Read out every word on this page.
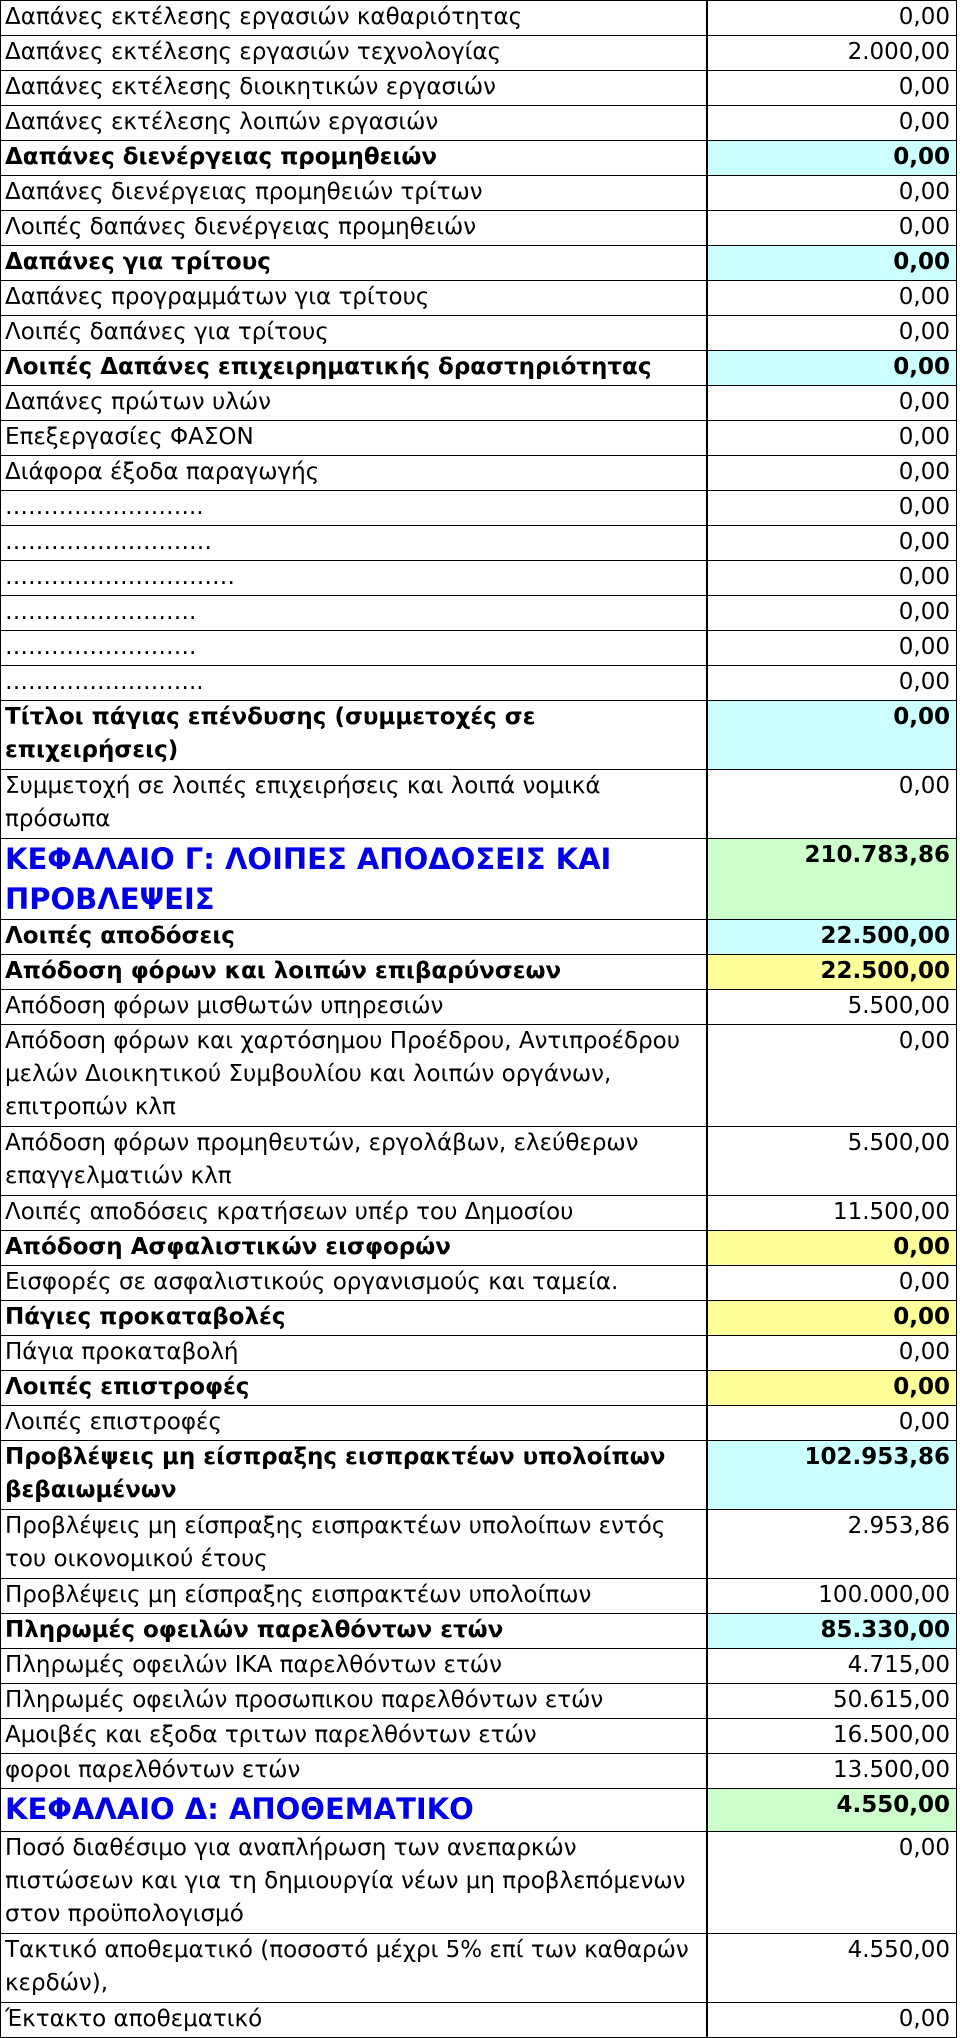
Δαπάνες εκτέλεσης εργασιών καθαριότητας	0,00
Δαπάνες εκτέλεσης εργασιών τεχνολογίας	2.000,00
Δαπάνες εκτέλεσης διοικητικών εργασιών	0,00
Δαπάνες εκτέλεσης λοιπών εργασιών	0,00
Δαπάνες διενέργειας προμηθειών	0,00
Δαπάνες διενέργειας προμηθειών τρίτων	0,00
Λοιπές δαπάνες διενέργειας προμηθειών	0,00
Δαπάνες για τρίτους	0,00
Δαπάνες προγραμμάτων για τρίτους	0,00
Λοιπές δαπάνες για τρίτους	0,00
Λοιπές Δαπάνες επιχειρηματικής δραστηριότητας	0,00
Δαπάνες πρώτων υλών	0,00
Επεξεργασίες ΦΑΣΟΝ	0,00
Διάφορα έξοδα παραγωγής	0,00
……………………..	0,00
………………………	0,00
…………………………	0,00
…………………….	0,00
…………………….	0,00
……………………..	0,00
Τίτλοι πάγιας επένδυσης (συμμετοχές σε επιχειρήσεις)	0,00
Συμμετοχή σε λοιπές επιχειρήσεις και λοιπά νομικά πρόσωπα	0,00
ΚΕΦΑΛΑΙΟ Γ: ΛΟΙΠΕΣ ΑΠΟΔΟΣΕΙΣ ΚΑΙ ΠΡΟΒΛΕΨΕΙΣ	210.783,86
Λοιπές αποδόσεις	22.500,00
Απόδοση φόρων και λοιπών επιβαρύνσεων	22.500,00
Απόδοση φόρων μισθωτών υπηρεσιών	5.500,00
Απόδοση φόρων και χαρτόσημου Προέδρου, Αντιπροέδρου μελών Διοικητικού Συμβουλίου και λοιπών οργάνων, επιτροπών κλπ	0,00
Απόδοση φόρων προμηθευτών, εργολάβων, ελεύθερων επαγγελματιών κλπ	5.500,00
Λοιπές αποδόσεις κρατήσεων υπέρ του Δημοσίου	11.500,00
Απόδοση Ασφαλιστικών εισφορών	0,00
Εισφορές σε ασφαλιστικούς οργανισμούς και ταμεία.	0,00
Πάγιες προκαταβολές	0,00
Πάγια προκαταβολή	0,00
Λοιπές επιστροφές	0,00
Λοιπές επιστροφές	0,00
Προβλέψεις μη είσπραξης εισπρακτέων υπολοίπων βεβαιωμένων	102.953,86
Προβλέψεις μη είσπραξης εισπρακτέων υπολοίπων εντός του οικονομικού έτους	2.953,86
Προβλέψεις μη είσπραξης εισπρακτέων υπολοίπων	100.000,00
Πληρωμές οφειλών παρελθόντων ετών	85.330,00
Πληρωμές οφειλών ΙΚΑ παρελθόντων ετών	4.715,00
Πληρωμές οφειλών προσωπικου παρελθόντων ετών	50.615,00
Αμοιβές και εξοδα τριτων παρελθόντων ετών	16.500,00
φοροι παρελθόντων ετών	13.500,00
ΚΕΦΑΛΑΙΟ Δ: ΑΠΟΘΕΜΑΤΙΚΟ	4.550,00
Ποσό διαθέσιμο για αναπλήρωση των ανεπαρκών πιστώσεων και για τη δημιουργία νέων μη προβλεπόμενων στον προϋπολογισμό	0,00
Τακτικό αποθεματικό (ποσοστό μέχρι 5% επί των καθαρών κερδών),	4.550,00
Έκτακτο αποθεματικό	0,00
